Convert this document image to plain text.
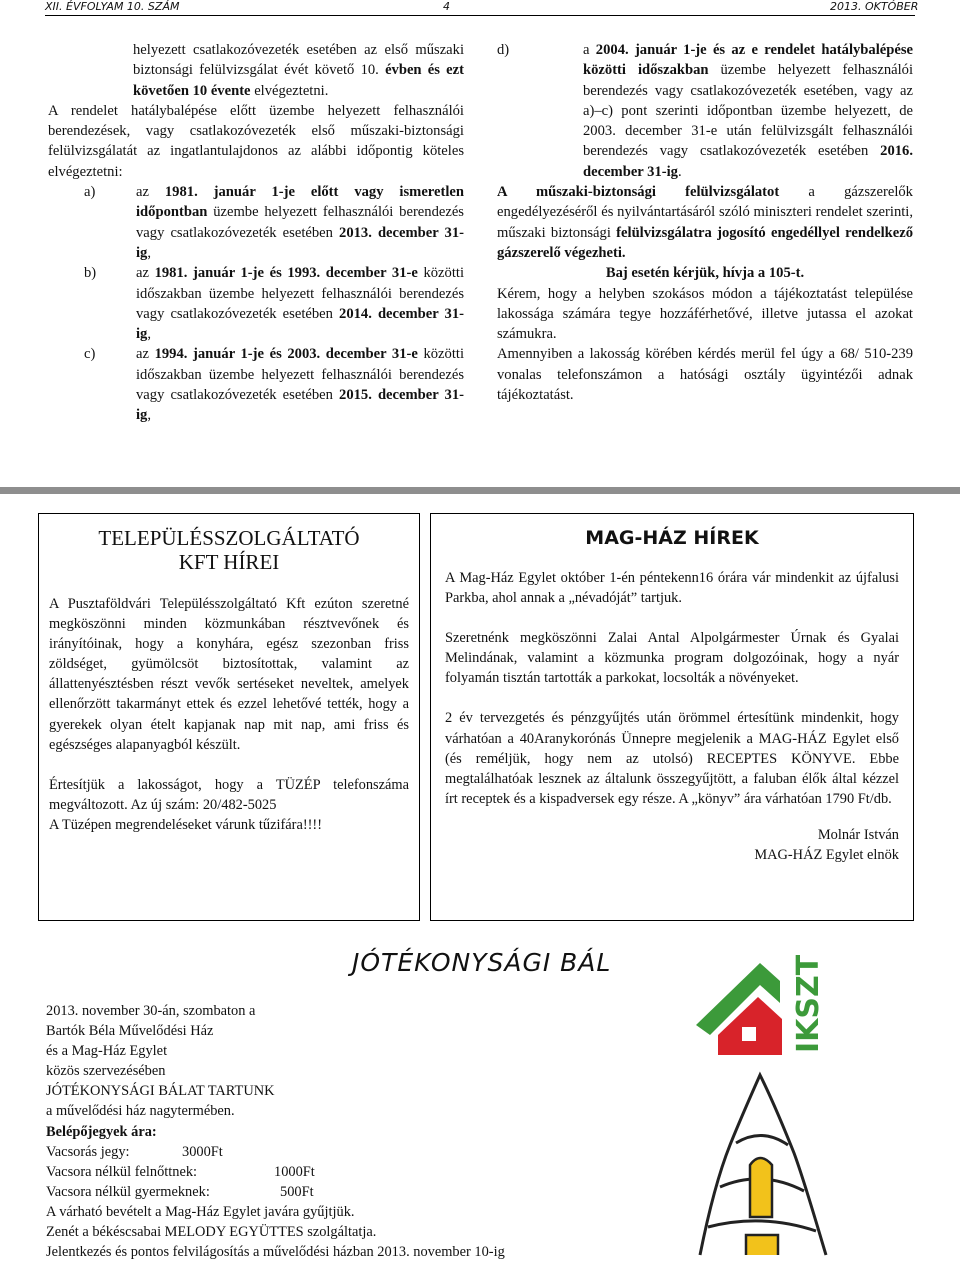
XII. ÉVFOLYAM 10. SZÁM	4	2013. OKTÓBER

helyezett csatlakozóvezeték esetében az első műszaki biztonsági felülvizsgálat évét követő 10. évben és ezt követően 10 évente elvégeztetni.

A rendelet hatálybalépése előtt üzembe helyezett felhasználói berendezések, vagy csatlakozóvezeték első műszaki-biztonsági felülvizsgálatát az ingatlantulajdonos az alábbi időpontig köteles elvégeztetni:

a)	az 1981. január 1-je előtt vagy ismeretlen időpontban üzembe helyezett felhasználói berendezés vagy csatlakozóvezeték esetében 2013. december 31-ig,
b)	az 1981. január 1-je és 1993. december 31-e közötti időszakban üzembe helyezett felhasználói berendezés vagy csatlakozóvezeték esetében 2014. december 31-ig,
c)	az 1994. január 1-je és 2003. december 31-e közötti időszakban üzembe helyezett felhasználói berendezés vagy csatlakozóvezeték esetében 2015. december 31-ig,
d)	a 2004. január 1-je és az e rendelet hatálybalépése közötti időszakban üzembe helyezett felhasználói berendezés vagy csatlakozóvezeték esetében, vagy az a)–c) pont szerinti időpontban üzembe helyezett, de 2003. december 31-e után felülvizsgált felhasználói berendezés vagy csatlakozóvezeték esetében 2016. december 31-ig.

A műszaki-biztonsági felülvizsgálatot a gázszerelők engedélyezéséről és nyilvántartásáról szóló miniszteri rendelet szerinti, műszaki biztonsági felülvizsgálatra jogosító engedéllyel rendelkező gázszerelő végezheti.

Baj esetén kérjük, hívja a 105-t.

Kérem, hogy a helyben szokásos módon a tájékoztatást települése lakossága számára tegye hozzáférhetővé, illetve jutassa el azokat számukra.

Amennyiben a lakosság körében kérdés merül fel úgy a 68/ 510-239 vonalas telefonszámon a hatósági osztály ügyintézői adnak tájékoztatást.

TELEPÜLÉSSZOLGÁLTATÓ

KFT HÍREI

A Pusztaföldvári Településszolgáltató Kft ezúton szeretné megköszönni minden közmunkában résztvevőnek és irányítóinak, hogy a konyhára, egész szezonban friss zöldséget, gyümölcsöt biztosítottak, valamint az állattenyésztésben részt vevők sertéseket neveltek, amelyek ellenőrzött takarmányt ettek és ezzel lehetővé tették, hogy a gyerekek olyan ételt kapjanak nap mit nap, ami friss és egészséges alapanyagból készült.

Értesítjük a lakosságot, hogy a TÜZÉP telefonszáma megváltozott. Az új szám: 20/482-5025

A Tüzépen megrendeléseket várunk tűzifára!!!!

MAG-HÁZ HÍREK

A Mag-Ház Egylet október 1-én péntekenn16 órára vár mindenkit az újfalusi Parkba, ahol annak a „névadóját” tartjuk.

Szeretnénk megköszönni Zalai Antal Alpolgármester Úrnak és Gyalai Melindának, valamint a közmunka program dolgozóinak, hogy a nyár folyamán tisztán tartották a parkokat, locsolták a növényeket.

2 év tervezgetés és pénzgyűjtés után örömmel értesítünk mindenkit, hogy várhatóan a 40Aranykorónás Ünnepre megjelenik a MAG-HÁZ Egylet első (és reméljük, hogy nem az utolsó) RECEPTES KÖNYVE. Ebbe megtalálhatóak lesznek az általunk összegyűjtött, a faluban élők által kézzel írt receptek és a kispadversek egy része. A „könyv” ára várhatóan 1790 Ft/db.

Molnár István

MAG-HÁZ Egylet elnök

JÓTÉKONYSÁGI BÁL

2013. november 30-án, szombaton a

Bartók Béla Művelődési Ház

és a Mag-Ház Egylet

közös szervezésében

JÓTÉKONYSÁGI BÁLAT TARTUNK

a művelődési ház nagytermében.

Belépőjegyek ára:

Vacsorás jegy:	3000Ft

Vacsora nélkül felnőttnek:	1000Ft

Vacsora nélkül gyermeknek:	500Ft

A várható bevételt a Mag-Ház Egylet javára gyűjtjük.

Zenét a békéscsabai MELODY EGYÜTTES szolgáltatja.

Jelentkezés és pontos felvilágosítás a művelődési házban 2013. november 10-ig

IKSZT
